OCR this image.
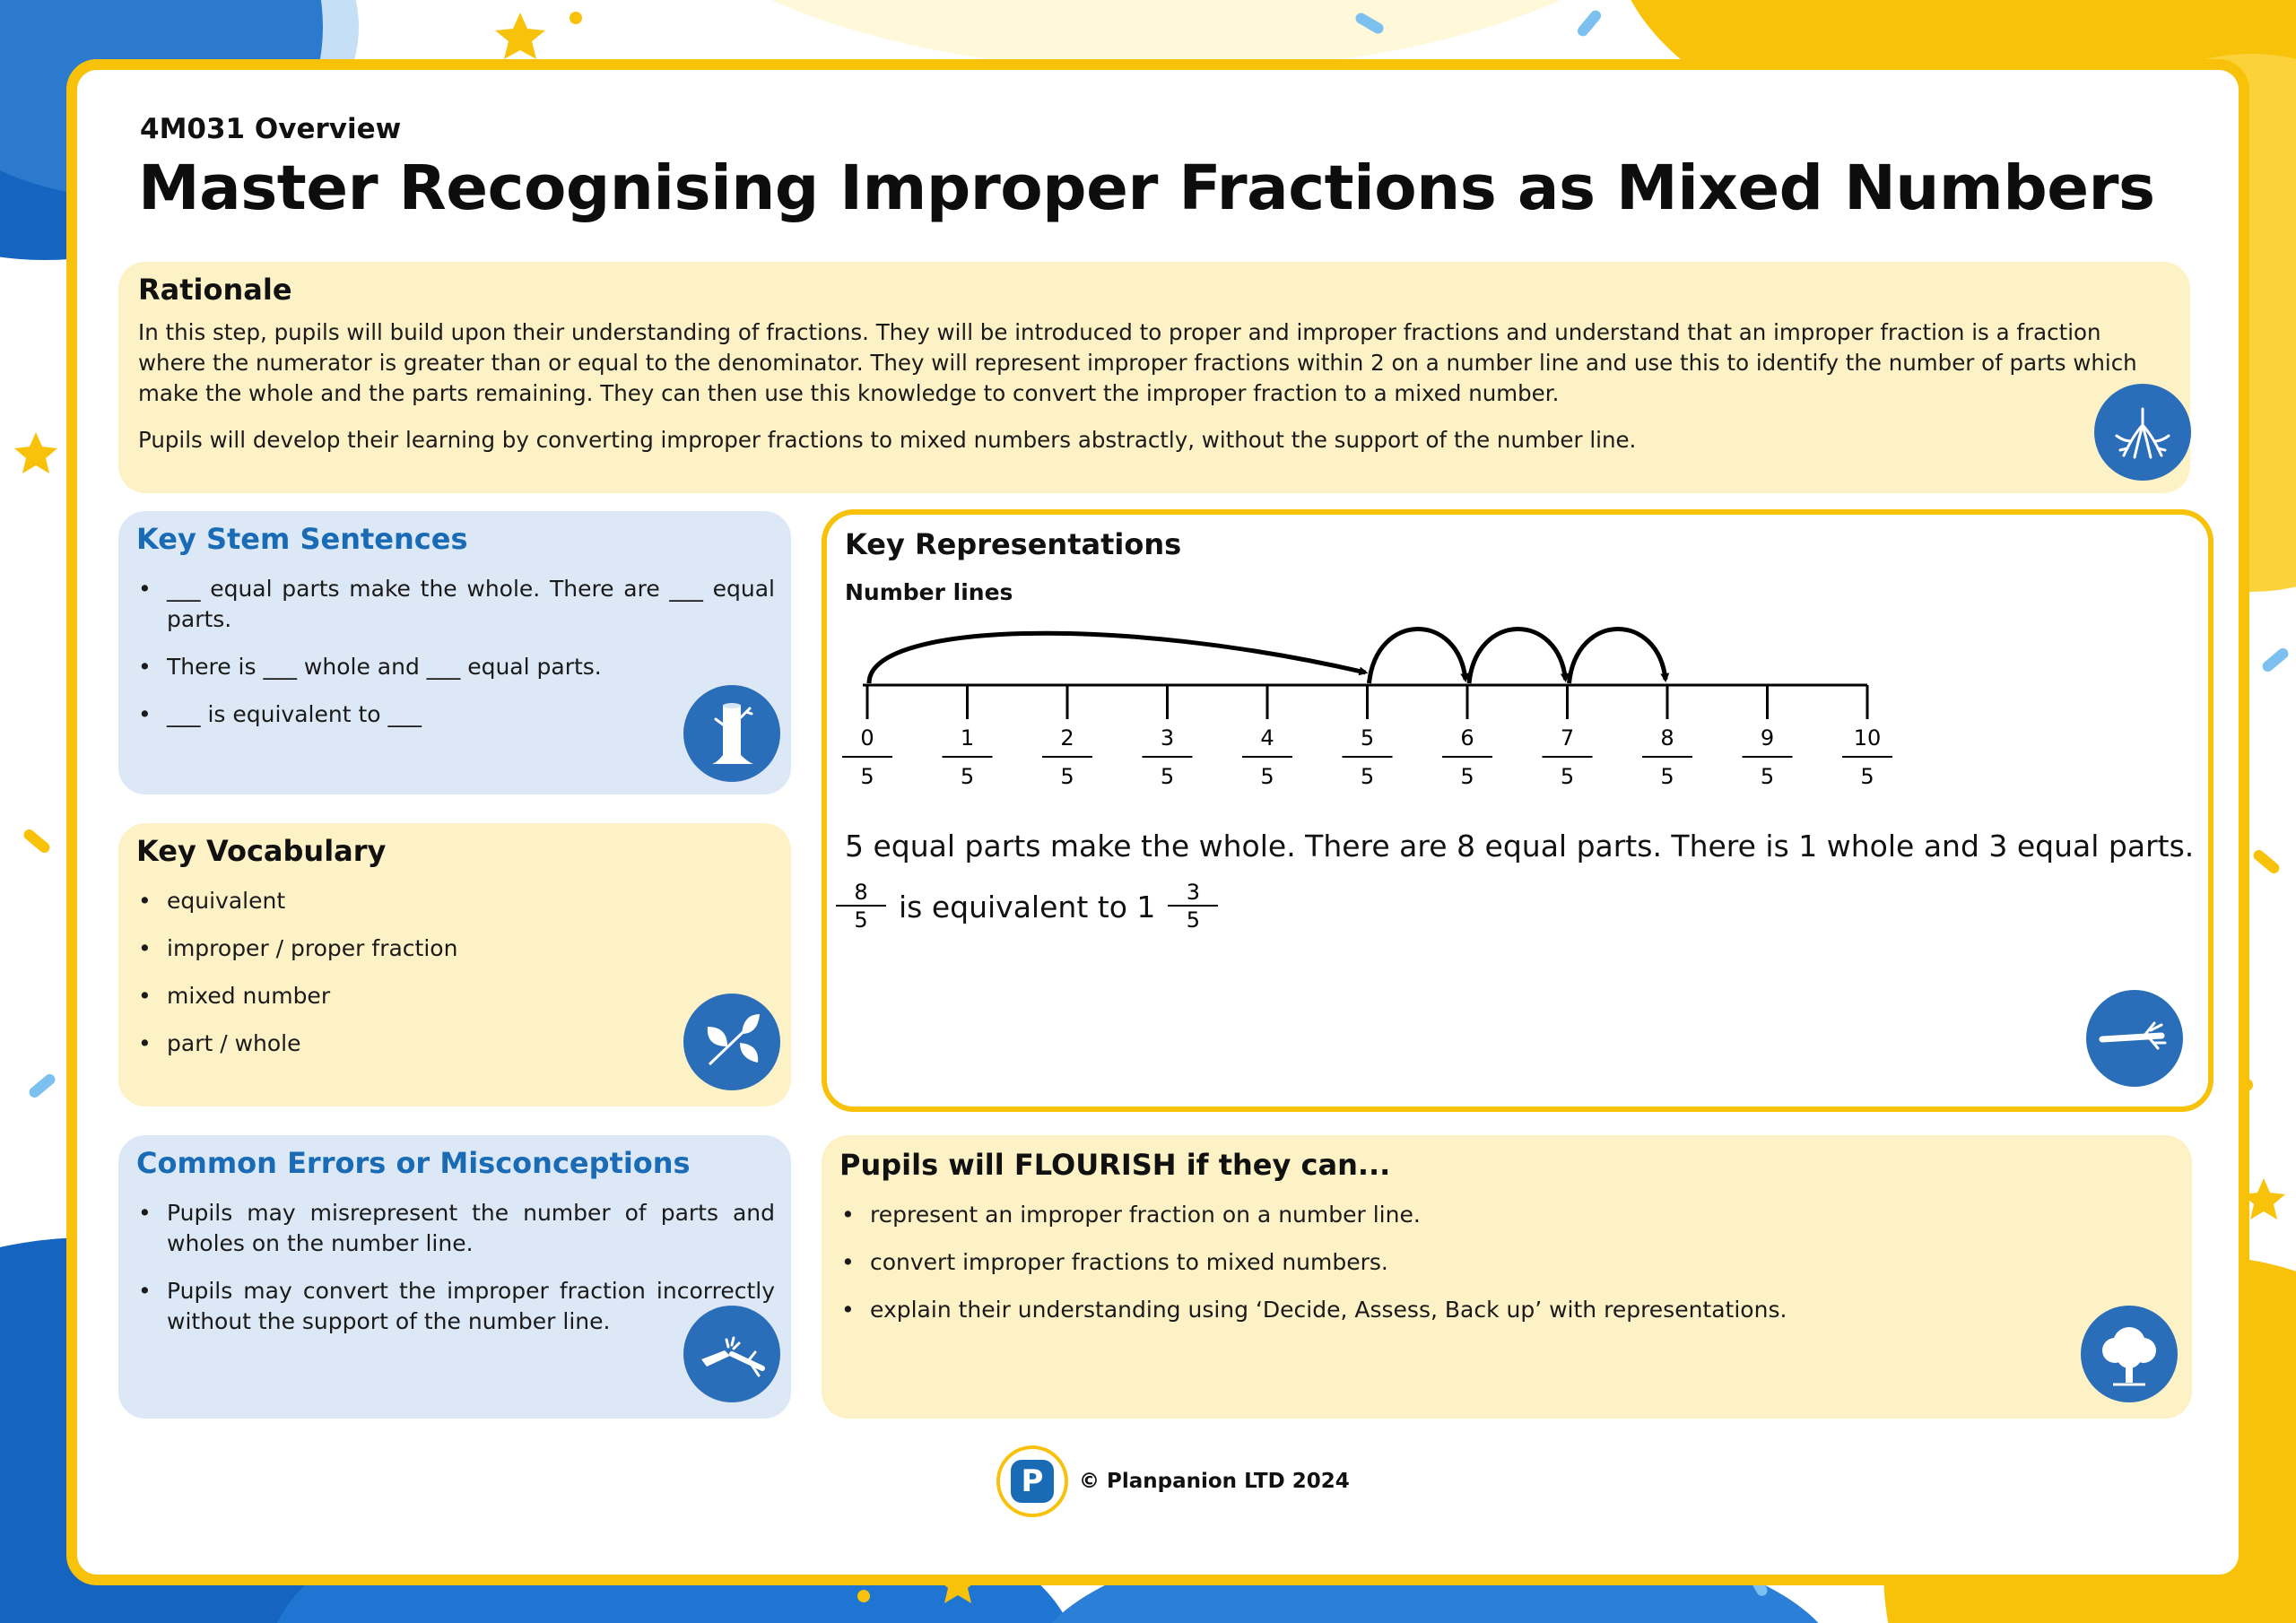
4M031 Overview
Master Recognising Improper Fractions as Mixed Numbers
Rationale

In this step, pupils will build upon their understanding of fractions. They will be introduced to proper and improper fractions and understand that an improper fraction is a fraction where the numerator is greater than or equal to the denominator. They will represent improper fractions within 2 on a number line and use this to identify the number of parts which make the whole and the parts remaining. They can then use this knowledge to convert the improper fraction to a mixed number.

Pupils will develop their learning by converting improper fractions to mixed numbers abstractly, without the support of the number line.

Key Stem Sentences
• ___ equal parts make the whole. There are ___ equal parts.
• There is ___ whole and ___ equal parts.
• ___ is equivalent to ___
Key Vocabulary
• equivalent
• improper / proper fraction
• mixed number
• part / whole
Common Errors or Misconceptions
• Pupils may misrepresent the number of parts and wholes on the number line.
• Pupils may convert the improper fraction incorrectly without the support of the number line.
Key Representations
Number lines
0
5
1
5
2
5
3
5
4
5
5
5
6
5
7
5
8
5
9
5
10
5
5 equal parts make the whole. There are 8 equal parts. There is 1 whole and 3 equal parts.
8
5 is equivalent to 1 3
5
Pupils will FLOURISH if they can...
• represent an improper fraction on a number line.
• convert improper fractions to mixed numbers.
• explain their understanding using ‘Decide, Assess, Back up’ with representations.
P	© Planpanion LTD 2024
